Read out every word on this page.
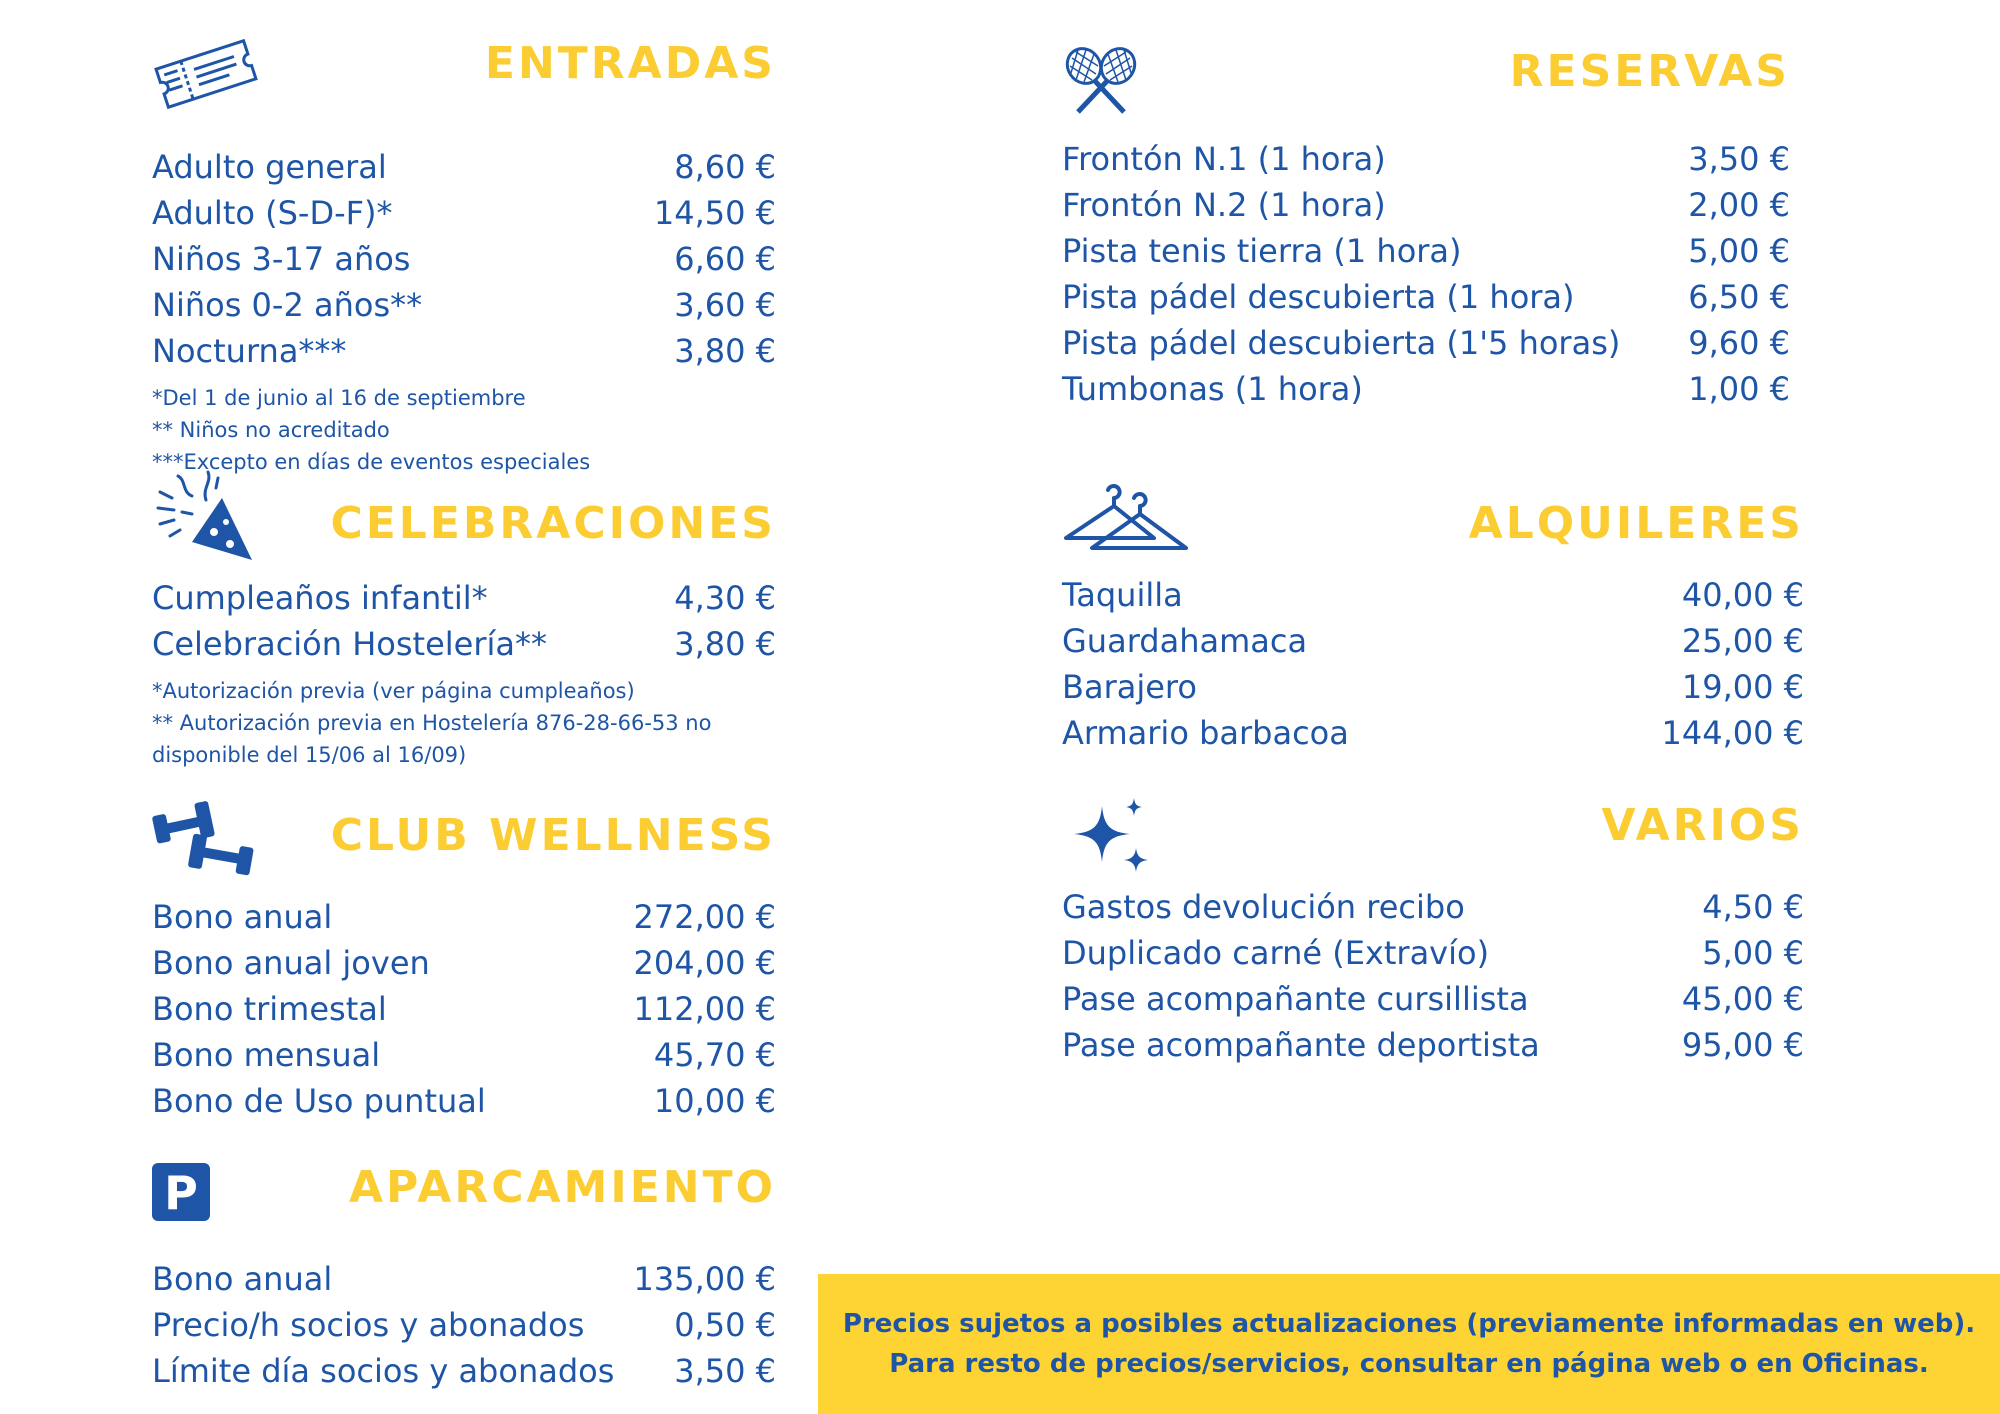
ENTRADAS
Adulto general	8,60 €
Adulto (S-D-F)*	14,50 €
Niños 3-17 años	6,60 €
Niños 0-2 años**	3,60 €
Nocturna***	3,80 €
*Del 1 de junio al 16 de septiembre
** Niños no acreditado
***Excepto en días de eventos especiales
CELEBRACIONES
Cumpleaños infantil*	4,30 €
Celebración Hostelería**	3,80 €
*Autorización previa (ver página cumpleaños)
** Autorización previa en Hostelería 876-28-66-53 no disponible del 15/06 al 16/09)
CLUB WELLNESS
Bono anual	272,00 €
Bono anual joven	204,00 €
Bono trimestal	112,00 €
Bono mensual	45,70 €
Bono de Uso puntual	10,00 €
P	APARCAMIENTO
Bono anual	135,00 €
Precio/h socios y abonados	0,50 €
Límite día socios y abonados 3,50 €
RESERVAS
Frontón N.1 (1 hora)	3,50 €
Frontón N.2 (1 hora)	2,00 €
Pista tenis tierra (1 hora)	5,00 €
Pista pádel descubierta (1 hora)	6,50 €
Pista pádel descubierta (1'5 horas) 9,60 €
Tumbonas (1 hora)	1,00 €
ALQUILERES
Taquilla	40,00 €
Guardahamaca	25,00 €
Barajero	19,00 €
Armario barbacoa	144,00 €
VARIOS
Gastos devolución recibo	4,50 €
Duplicado carné (Extravío)	5,00 €
Pase acompañante cursillista	45,00 €
Pase acompañante deportista	95,00 €
Precios sujetos a posibles actualizaciones (previamente informadas en web).
Para resto de precios/servicios, consultar en página web o en Oficinas.
